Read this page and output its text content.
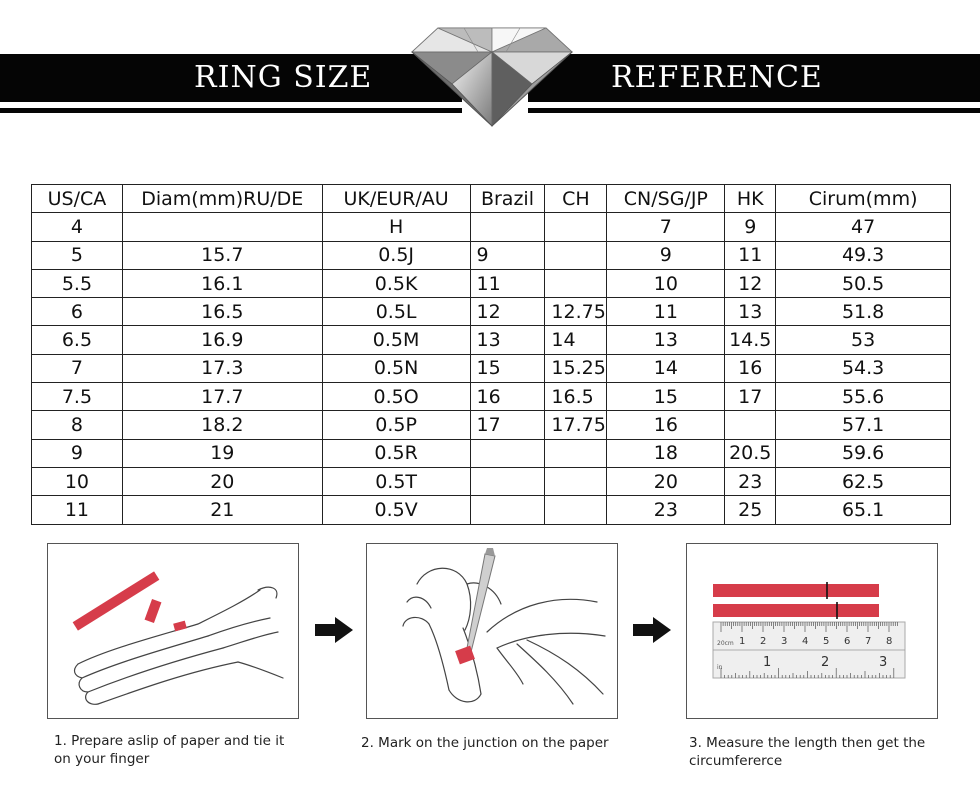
RING SIZE	REFERENCE
US/CA	Diam(mm)RU/DE	UK/EUR/AU	Brazil	CH	CN/SG/JP	HK	Cirum(mm)
4		H			7	9	47
5	15.7	0.5J	9		9	11	49.3
5.5	16.1	0.5K	11		10	12	50.5
6	16.5	0.5L	12	12.75	11	13	51.8
6.5	16.9	0.5M	13	14	13	14.5	53
7	17.3	0.5N	15	15.25	14	16	54.3
7.5	17.7	0.5O	16	16.5	15	17	55.6
8	18.2	0.5P	17	17.75	16		57.1
9	19	0.5R			18	20.5	59.6
10	20	0.5T			20	23	62.5
11	21	0.5V			23	25	65.1
1 2 3 4 5 6 7 8
1	2	3
20cm
in
1. Prepare aslip of paper and tie it on your finger
2. Mark on the junction on the paper	3. Measure the length then get the circumfererce
